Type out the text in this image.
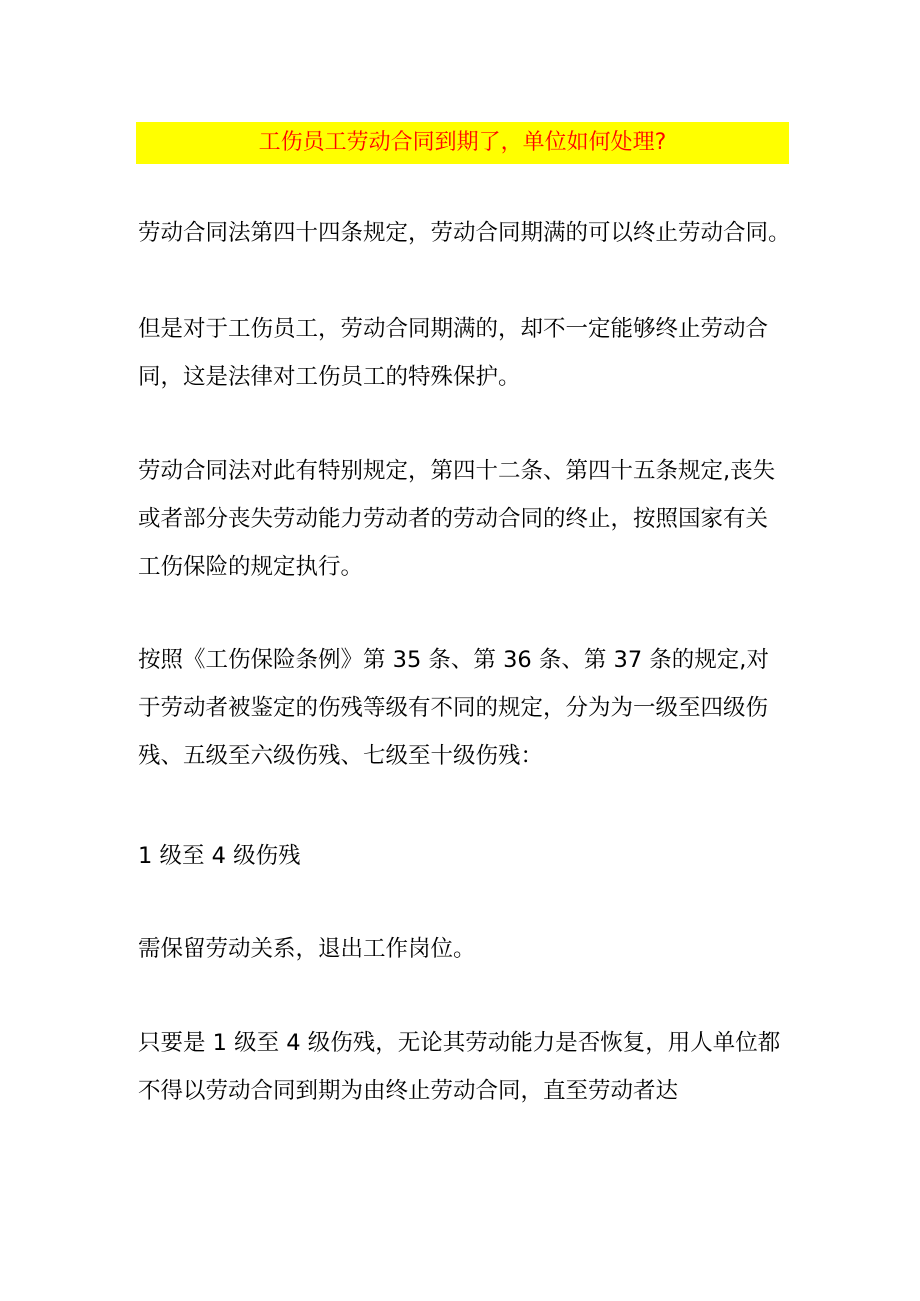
工伤员工劳动合同到期了，单位如何处理?
劳动合同法第四十四条规定，劳动合同期满的可以终止劳动合同。
但是对于工伤员工，劳动合同期满的，却不一定能够终止劳动合
同，这是法律对工伤员工的特殊保护。
劳动合同法对此有特别规定，第四十二条、第四十五条规定,丧失
或者部分丧失劳动能力劳动者的劳动合同的终止，按照国家有关
工伤保险的规定执行。
按照《工伤保险条例》第 35 条、第 36 条、第 37 条的规定,对
于劳动者被鉴定的伤残等级有不同的规定，分为为一级至四级伤
残、五级至六级伤残、七级至十级伤残：
1 级至 4 级伤残
需保留劳动关系，退出工作岗位。
只要是 1 级至 4 级伤残，无论其劳动能力是否恢复，用人单位都
不得以劳动合同到期为由终止劳动合同，直至劳动者达
